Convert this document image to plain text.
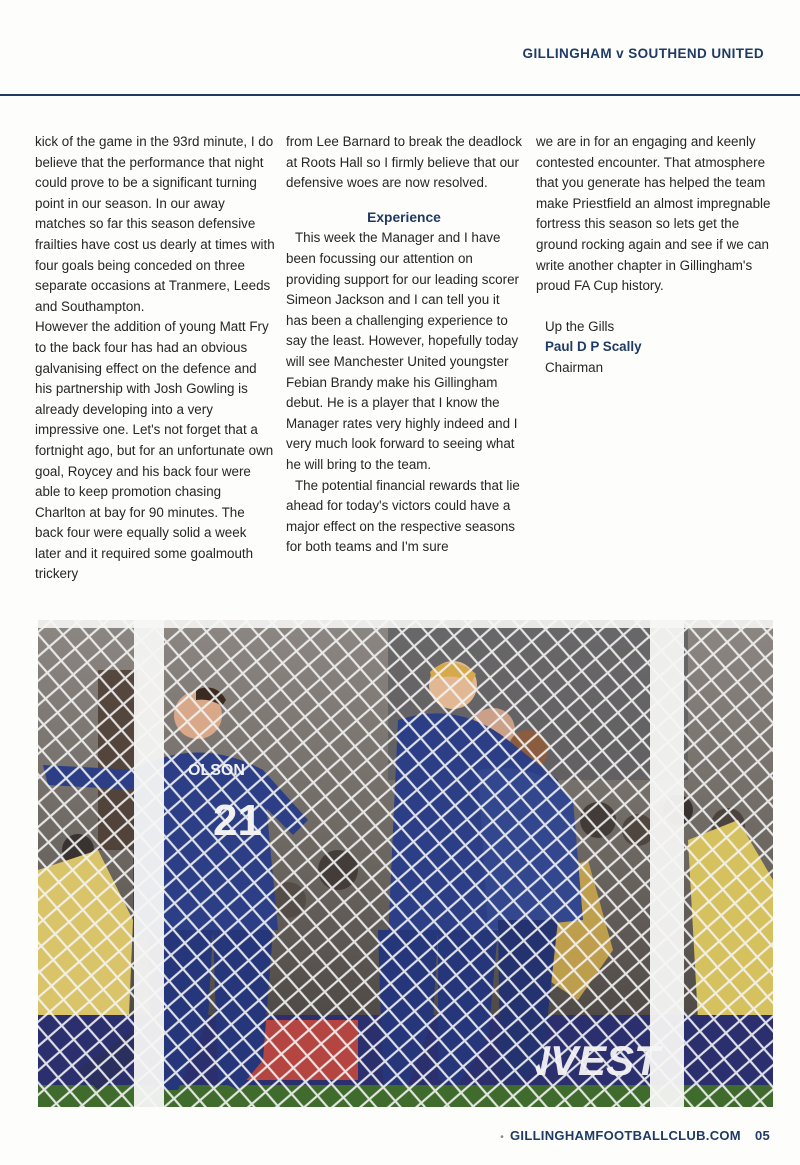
GILLINGHAM v SOUTHEND UNITED

kick of the game in the 93rd minute, I do believe that the performance that night could prove to be a significant turning point in our season. In our away matches so far this season defensive frailties have cost us dearly at times with four goals being conceded on three separate occasions at Tranmere, Leeds and Southampton.

However the addition of young Matt Fry to the back four has had an obvious galvanising effect on the defence and his partnership with Josh Gowling is already developing into a very impressive one. Let's not forget that a fortnight ago, but for an unfortunate own goal, Roycey and his back four were able to keep promotion chasing Charlton at bay for 90 minutes. The back four were equally solid a week later and it required some goalmouth trickery

from Lee Barnard to break the deadlock at Roots Hall so I firmly believe that our defensive woes are now resolved.

Experience

This week the Manager and I have been focussing our attention on providing support for our leading scorer Simeon Jackson and I can tell you it has been a challenging experience to say the least. However, hopefully today will see Manchester United youngster Febian Brandy make his Gillingham debut. He is a player that I know the Manager rates very highly indeed and I very much look forward to seeing what he will bring to the team.

The potential financial rewards that lie ahead for today's victors could have a major effect on the respective seasons for both teams and I'm sure

we are in for an engaging and keenly contested encounter. That atmosphere that you generate has helped the team make Priestfield an almost impregnable fortress this season so lets get the ground rocking again and see if we can write another chapter in Gillingham's proud FA Cup history.

Up the Gills
Paul D P Scally
Chairman
• GILLINGHAMFOOTBALLCLUB.COM 05
